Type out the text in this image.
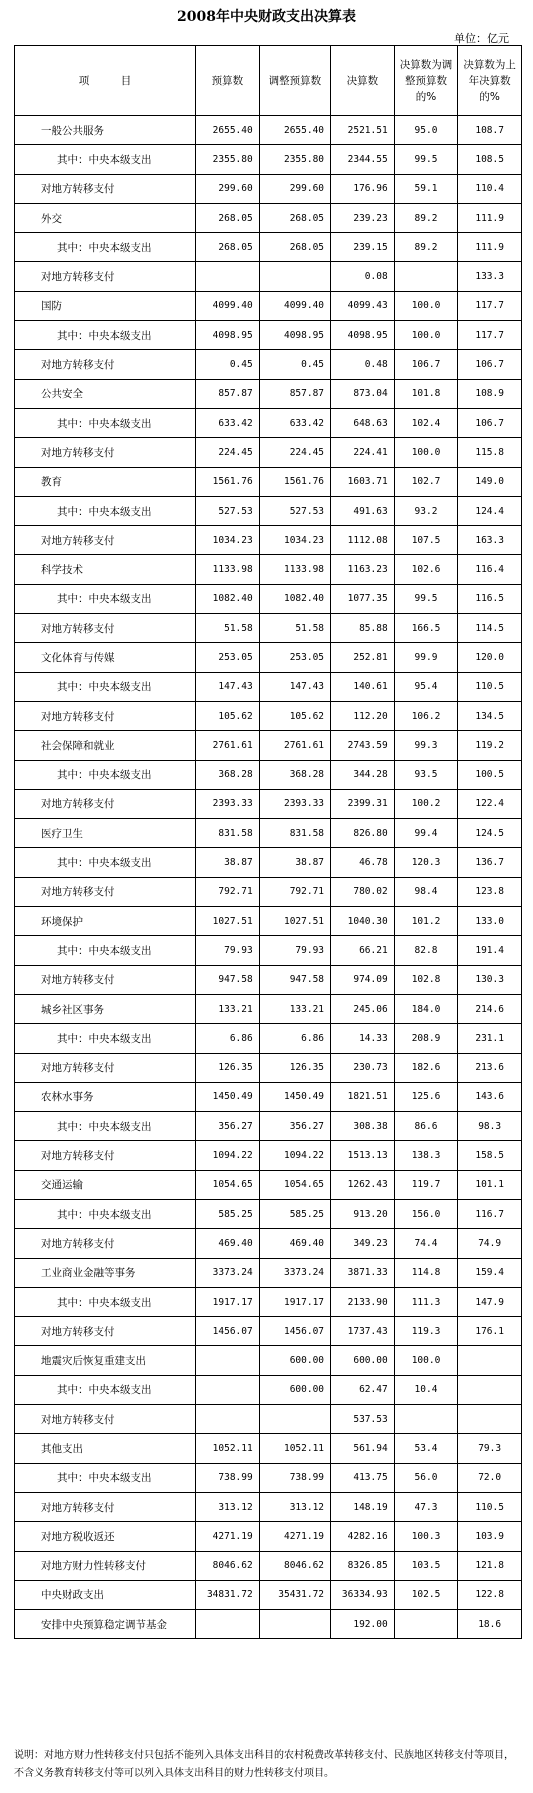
2008年中央财政支出决算表
单位：亿元
项　　　目	预算数	调整预算数	决算数	决算数为调整预算数的%	决算数为上年决算数的%
一般公共服务	2655.40	2655.40	2521.51	95.0	108.7
其中：中央本级支出	2355.80	2355.80	2344.55	99.5	108.5
对地方转移支付	299.60	299.60	176.96	59.1	110.4
外交	268.05	268.05	239.23	89.2	111.9
其中：中央本级支出	268.05	268.05	239.15	89.2	111.9
对地方转移支付			0.08		133.3
国防	4099.40	4099.40	4099.43	100.0	117.7
其中：中央本级支出	4098.95	4098.95	4098.95	100.0	117.7
对地方转移支付	0.45	0.45	0.48	106.7	106.7
公共安全	857.87	857.87	873.04	101.8	108.9
其中：中央本级支出	633.42	633.42	648.63	102.4	106.7
对地方转移支付	224.45	224.45	224.41	100.0	115.8
教育	1561.76	1561.76	1603.71	102.7	149.0
其中：中央本级支出	527.53	527.53	491.63	93.2	124.4
对地方转移支付	1034.23	1034.23	1112.08	107.5	163.3
科学技术	1133.98	1133.98	1163.23	102.6	116.4
其中：中央本级支出	1082.40	1082.40	1077.35	99.5	116.5
对地方转移支付	51.58	51.58	85.88	166.5	114.5
文化体育与传媒	253.05	253.05	252.81	99.9	120.0
其中：中央本级支出	147.43	147.43	140.61	95.4	110.5
对地方转移支付	105.62	105.62	112.20	106.2	134.5
社会保障和就业	2761.61	2761.61	2743.59	99.3	119.2
其中：中央本级支出	368.28	368.28	344.28	93.5	100.5
对地方转移支付	2393.33	2393.33	2399.31	100.2	122.4
医疗卫生	831.58	831.58	826.80	99.4	124.5
其中：中央本级支出	38.87	38.87	46.78	120.3	136.7
对地方转移支付	792.71	792.71	780.02	98.4	123.8
环境保护	1027.51	1027.51	1040.30	101.2	133.0
其中：中央本级支出	79.93	79.93	66.21	82.8	191.4
对地方转移支付	947.58	947.58	974.09	102.8	130.3
城乡社区事务	133.21	133.21	245.06	184.0	214.6
其中：中央本级支出	6.86	6.86	14.33	208.9	231.1
对地方转移支付	126.35	126.35	230.73	182.6	213.6
农林水事务	1450.49	1450.49	1821.51	125.6	143.6
其中：中央本级支出	356.27	356.27	308.38	86.6	98.3
对地方转移支付	1094.22	1094.22	1513.13	138.3	158.5
交通运输	1054.65	1054.65	1262.43	119.7	101.1
其中：中央本级支出	585.25	585.25	913.20	156.0	116.7
对地方转移支付	469.40	469.40	349.23	74.4	74.9
工业商业金融等事务	3373.24	3373.24	3871.33	114.8	159.4
其中：中央本级支出	1917.17	1917.17	2133.90	111.3	147.9
对地方转移支付	1456.07	1456.07	1737.43	119.3	176.1
地震灾后恢复重建支出		600.00	600.00	100.0	
其中：中央本级支出		600.00	62.47	10.4	
对地方转移支付			537.53		
其他支出	1052.11	1052.11	561.94	53.4	79.3
其中：中央本级支出	738.99	738.99	413.75	56.0	72.0
对地方转移支付	313.12	313.12	148.19	47.3	110.5
对地方税收返还	4271.19	4271.19	4282.16	100.3	103.9
对地方财力性转移支付	8046.62	8046.62	8326.85	103.5	121.8
中央财政支出	34831.72	35431.72	36334.93	102.5	122.8
安排中央预算稳定调节基金			192.00		18.6
说明：对地方财力性转移支付只包括不能列入具体支出科目的农村税费改革转移支付、民族地区转移支付等项目，不含义务教育转移支付等可以列入具体支出科目的财力性转移支付项目。
